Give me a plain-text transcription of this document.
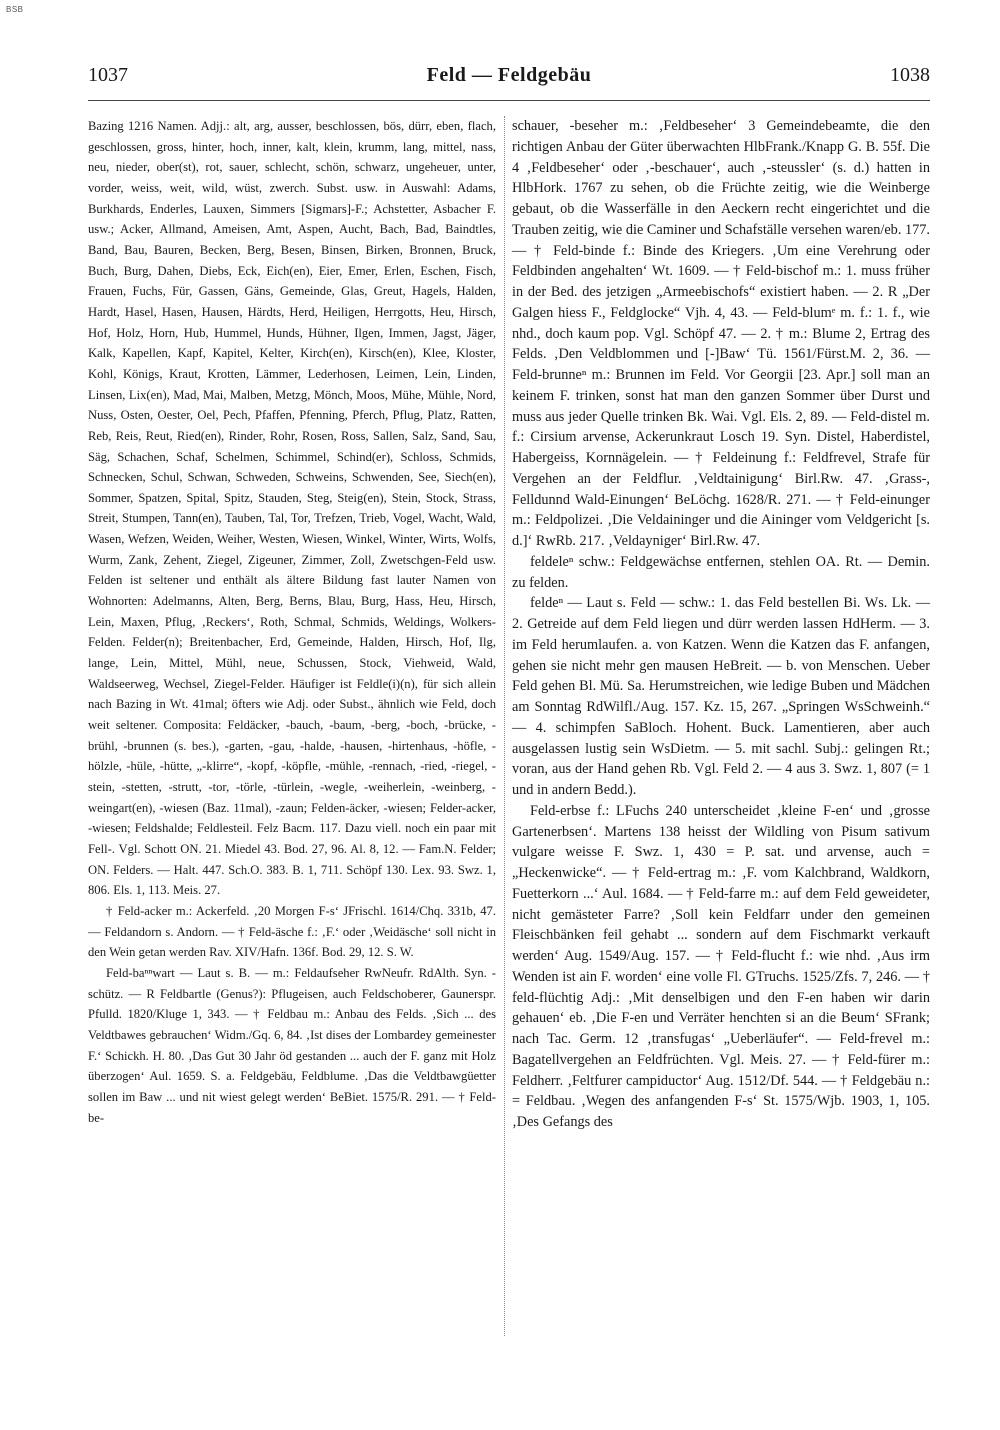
BSB
1037	Feld — Feldgebäu	1038

Bazing 1216 Namen. Adjj.: alt, arg, ausser, beschlossen, bös, dürr, eben, flach, geschlossen, gross, hinter, hoch, inner, kalt, klein, krumm, lang, mittel, nass, neu, nieder, ober(st), rot, sauer, schlecht, schön, schwarz, ungeheuer, unter, vorder, weiss, weit, wild, wüst, zwerch. Subst. usw. in Auswahl: Adams, Burkhards, Enderles, Lauxen, Simmers [Sigmars]-F.; Achstetter, Asbacher F. usw.; Acker, Allmand, Ameisen, Amt, Aspen, Aucht, Bach, Bad, Baindtles, Band, Bau, Bauren, Becken, Berg, Besen, Binsen, Birken, Bronnen, Bruck, Buch, Burg, Dahen, Diebs, Eck, Eich(en), Eier, Emer, Erlen, Eschen, Fisch, Frauen, Fuchs, Für, Gassen, Gäns, Gemeinde, Glas, Greut, Hagels, Halden, Hardt, Hasel, Hasen, Hausen, Härdts, Herd, Heiligen, Herrgotts, Heu, Hirsch, Hof, Holz, Horn, Hub, Hummel, Hunds, Hühner, Ilgen, Immen, Jagst, Jäger, Kalk, Kapellen, Kapf, Kapitel, Kelter, Kirch(en), Kirsch(en), Klee, Kloster, Kohl, Königs, Kraut, Krotten, Lämmer, Lederhosen, Leimen, Lein, Linden, Linsen, Lix(en), Mad, Mai, Malben, Metzg, Mönch, Moos, Mühe, Mühle, Nord, Nuss, Osten, Oester, Oel, Pech, Pfaffen, Pfenning, Pferch, Pflug, Platz, Ratten, Reb, Reis, Reut, Ried(en), Rinder, Rohr, Rosen, Ross, Sallen, Salz, Sand, Sau, Säg, Schachen, Schaf, Schelmen, Schimmel, Schind(er), Schloss, Schmids, Schnecken, Schul, Schwan, Schweden, Schweins, Schwenden, See, Siech(en), Sommer, Spatzen, Spital, Spitz, Stauden, Steg, Steig(en), Stein, Stock, Strass, Streit, Stumpen, Tann(en), Tauben, Tal, Tor, Trefzen, Trieb, Vogel, Wacht, Wald, Wasen, Wefzen, Weiden, Weiher, Westen, Wiesen, Winkel, Winter, Wirts, Wolfs, Wurm, Zank, Zehent, Ziegel, Zigeuner, Zimmer, Zoll, Zwetschgen-Feld usw. Felden ist seltener und enthält als ältere Bildung fast lauter Namen von Wohnorten: Adelmanns, Alten, Berg, Berns, Blau, Burg, Hass, Heu, Hirsch, Lein, Maxen, Pflug, ‚Reckers‘, Roth, Schmal, Schmids, Weldings, Wolkers-Felden. Felder(n); Breitenbacher, Erd, Gemeinde, Halden, Hirsch, Hof, Ilg, lange, Lein, Mittel, Mühl, neue, Schussen, Stock, Viehweid, Wald, Waldseerweg, Wechsel, Ziegel-Felder. Häufiger ist Feldle(i)(n), für sich allein nach Bazing in Wt. 41mal; öfters wie Adj. oder Subst., ähnlich wie Feld, doch weit seltener. Composita: Feldäcker, -bauch, -baum, -berg, -boch, -brücke, -brühl, -brunnen (s. bes.), -garten, -gau, -halde, -hausen, -hirtenhaus, -höfle, -hölzle, -hüle, -hütte, „-klirre“, -kopf, -köpfle, -mühle, -rennach, -ried, -riegel, -stein, -stetten, -strutt, -tor, -törle, -türlein, -wegle, -weiherlein, -weinberg, -weingart(en), -wiesen (Baz. 11mal), -zaun; Felden-äcker, -wiesen; Felder-acker, -wiesen; Feldshalde; Feldlesteil. Felz Bacm. 117. Dazu viell. noch ein paar mit Fell-. Vgl. Schott ON. 21. Miedel 43. Bod. 27, 96. Al. 8, 12. — Fam.N. Felder; ON. Felders. — Halt. 447. Sch.O. 383. B. 1, 711. Schöpf 130. Lex. 93. Swz. 1, 806. Els. 1, 113. Meis. 27.

† Feld-acker m.: Ackerfeld. ‚20 Morgen F-s‘ JFrischl. 1614/Chq. 331b, 47. — Feldandorn s. Andorn. — † Feld-äsche f.: ‚F.‘ oder ‚Weidäsche‘ soll nicht in den Wein getan werden Rav. XIV/Hafn. 136f. Bod. 29, 12. S. W.

Feld-baⁿⁿwart — Laut s. B. — m.: Feldaufseher RwNeufr. RdAlth. Syn. -schütz. — R Feldbartle (Genus?): Pflugeisen, auch Feldschoberer, Gaunerspr. Pfulld. 1820/Kluge 1, 343. — † Feldbau m.: Anbau des Felds. ‚Sich ... des Veldtbawes gebrauchen‘ Widm./Gq. 6, 84. ‚Ist dises der Lombardey gemeinester F.‘ Schickh. H. 80. ‚Das Gut 30 Jahr öd gestanden ... auch der F. ganz mit Holz überzogen‘ Aul. 1659. S. a. Feldgebäu, Feldblume. ‚Das die Veldtbawgüetter sollen im Baw ... und nit wiest gelegt werden‘ BeBiet. 1575/R. 291. — † Feld-be-

schauer, -beseher m.: ‚Feldbeseher‘ 3 Gemeindebeamte, die den richtigen Anbau der Güter überwachten HlbFrank./Knapp G. B. 55f. Die 4 ‚Feldbeseher‘ oder ‚-beschauer‘, auch ‚-steussler‘ (s. d.) hatten in HlbHork. 1767 zu sehen, ob die Früchte zeitig, wie die Weinberge gebaut, ob die Wasserfälle in den Aeckern recht eingerichtet und die Trauben zeitig, wie die Caminer und Schafställe versehen waren/eb. 177. — † Feld-binde f.: Binde des Kriegers. ‚Um eine Verehrung oder Feldbinden angehalten‘ Wt. 1609. — † Feld-bischof m.: 1. muss früher in der Bed. des jetzigen „Armeebischofs“ existiert haben. — 2. R „Der Galgen hiess F., Feldglocke“ Vjh. 4, 43. — Feld-blumᵉ m. f.: 1. f., wie nhd., doch kaum pop. Vgl. Schöpf 47. — 2. † m.: Blume 2, Ertrag des Felds. ‚Den Veldblommen und [-]Baw‘ Tü. 1561/Fürst.M. 2, 36. — Feld-brunneⁿ m.: Brunnen im Feld. Vor Georgii [23. Apr.] soll man an keinem F. trinken, sonst hat man den ganzen Sommer über Durst und muss aus jeder Quelle trinken Bk. Wai. Vgl. Els. 2, 89. — Feld-distel m. f.: Cirsium arvense, Ackerunkraut Losch 19. Syn. Distel, Haberdistel, Habergeiss, Kornnägelein. — † Feldeinung f.: Feldfrevel, Strafe für Vergehen an der Feldflur. ‚Veldtainigung‘ Birl.Rw. 47. ‚Grass-, Felldunnd Wald-Einungen‘ BeLöchg. 1628/R. 271. — † Feld-einunger m.: Feldpolizei. ‚Die Veldaininger und die Aininger vom Veldgericht [s. d.]‘ RwRb. 217. ‚Veldayniger‘ Birl.Rw. 47.

feldeleⁿ schw.: Feldgewächse entfernen, stehlen OA. Rt. — Demin. zu felden.

feldeⁿ — Laut s. Feld — schw.: 1. das Feld bestellen Bi. Ws. Lk. — 2. Getreide auf dem Feld liegen und dürr werden lassen HdHerm. — 3. im Feld herumlaufen. a. von Katzen. Wenn die Katzen das F. anfangen, gehen sie nicht mehr gen mausen HeBreit. — b. von Menschen. Ueber Feld gehen Bl. Mü. Sa. Herumstreichen, wie ledige Buben und Mädchen am Sonntag RdWilfl./Aug. 157. Kz. 15, 267. „Springen WsSchweinh.“ — 4. schimpfen SaBloch. Hohent. Buck. Lamentieren, aber auch ausgelassen lustig sein WsDietm. — 5. mit sachl. Subj.: gelingen Rt.; voran, aus der Hand gehen Rb. Vgl. Feld 2. — 4 aus 3. Swz. 1, 807 (= 1 und in andern Bedd.).

Feld-erbse f.: LFuchs 240 unterscheidet ‚kleine F-en‘ und ‚grosse Gartenerbsen‘. Martens 138 heisst der Wildling von Pisum sativum vulgare weisse F. Swz. 1, 430 = P. sat. und arvense, auch = „Heckenwicke“. — † Feld-ertrag m.: ‚F. vom Kalchbrand, Waldkorn, Fuetterkorn ...‘ Aul. 1684. — † Feld-farre m.: auf dem Feld geweideter, nicht gemästeter Farre? ‚Soll kein Feldfarr under den gemeinen Fleischbänken feil gehabt ... sondern auf dem Fischmarkt verkauft werden‘ Aug. 1549/Aug. 157. — † Feld-flucht f.: wie nhd. ‚Aus irm Wenden ist ain F. worden‘ eine volle Fl. GTruchs. 1525/Zfs. 7, 246. — † feld-flüchtig Adj.: ‚Mit denselbigen und den F-en haben wir darin gehauen‘ eb. ‚Die F-en und Verräter henchten si an die Beum‘ SFrank; nach Tac. Germ. 12 ‚transfugas‘ „Ueberläufer“. — Feld-frevel m.: Bagatellvergehen an Feldfrüchten. Vgl. Meis. 27. — † Feld-fürer m.: Feldherr. ‚Feltfurer campiductor‘ Aug. 1512/Df. 544. — † Feldgebäu n.: = Feldbau. ‚Wegen des anfangenden F-s‘ St. 1575/Wjb. 1903, 1, 105. ‚Des Gefangs des
